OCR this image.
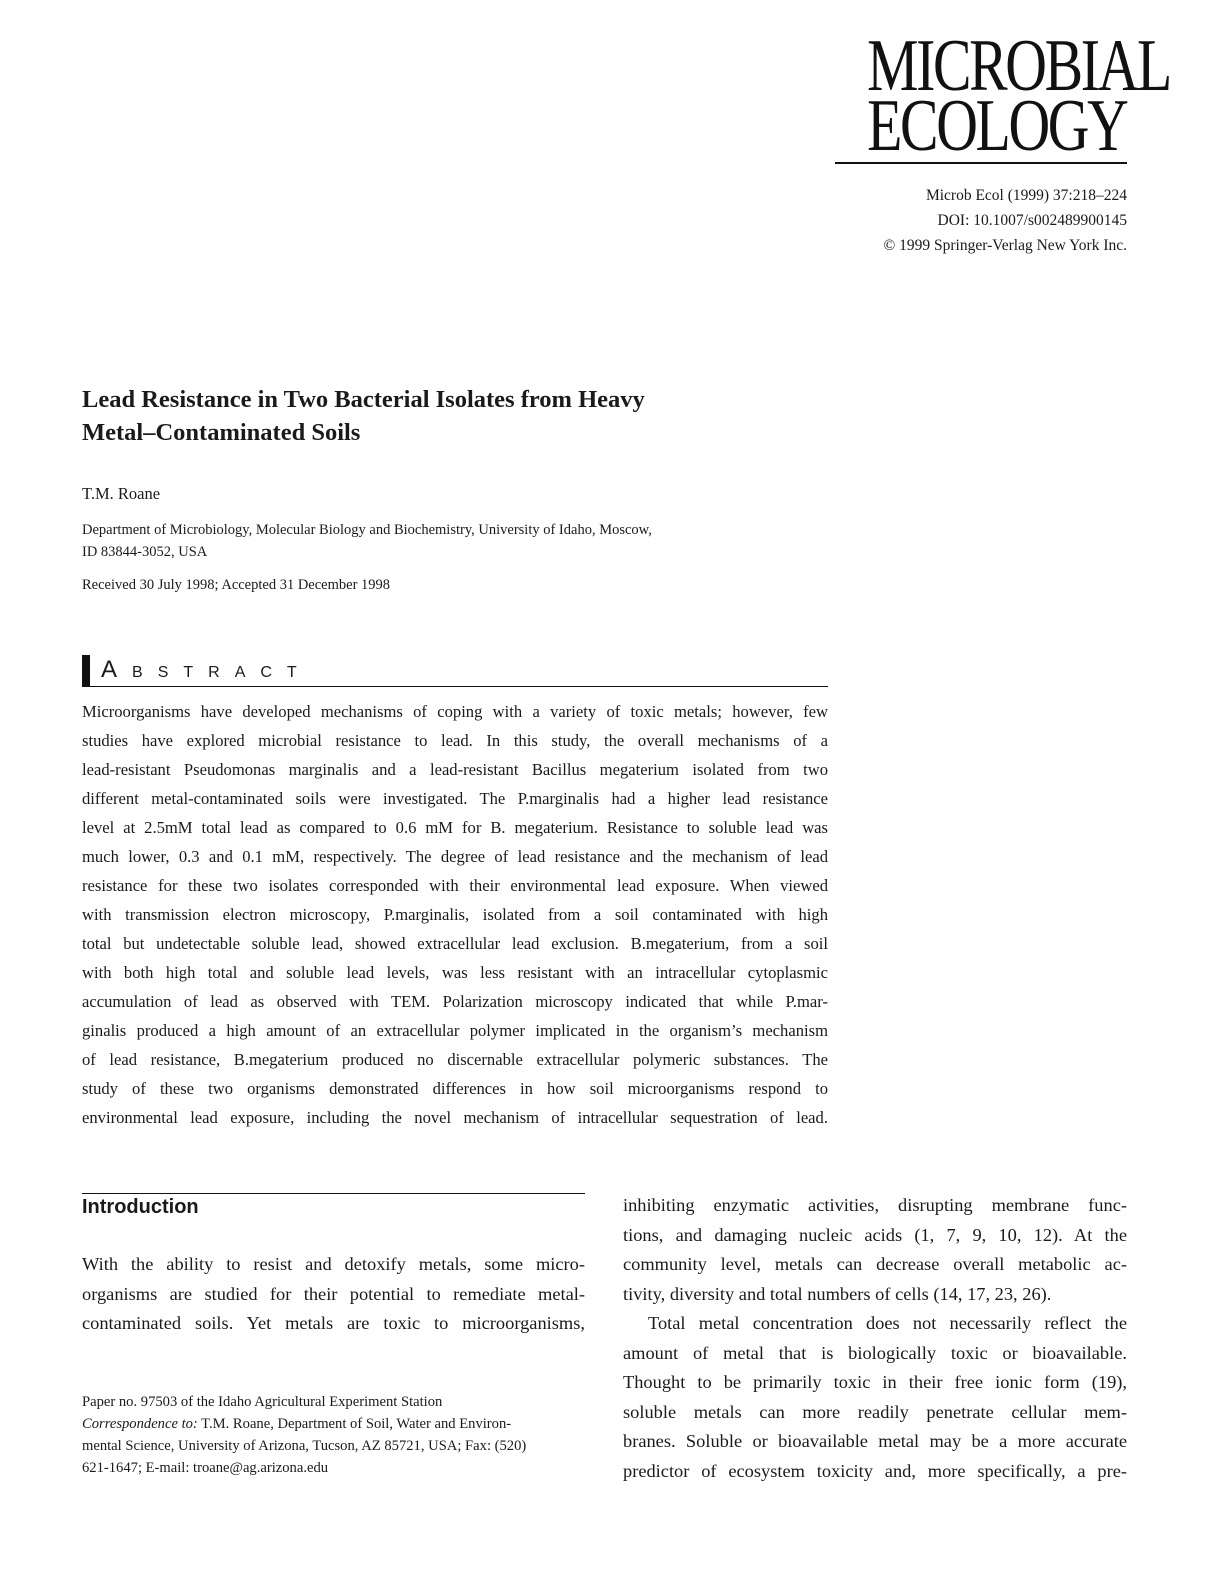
MICROBIAL
ECOLOGY
Microb Ecol (1999) 37:218–224
DOI: 10.1007/s002489900145
© 1999 Springer-Verlag New York Inc.
Lead Resistance in Two Bacterial Isolates from Heavy
Metal–Contaminated Soils
T.M. Roane
Department of Microbiology, Molecular Biology and Biochemistry, University of Idaho, Moscow,
ID 83844-3052, USA
Received 30 July 1998; Accepted 31 December 1998
ABSTRACT
Microorganisms have developed mechanisms of coping with a variety of toxic metals; however, few
studies have explored microbial resistance to lead. In this study, the overall mechanisms of a
lead-resistant Pseudomonas marginalis and a lead-resistant Bacillus megaterium isolated from two
different metal-contaminated soils were investigated. The P.marginalis had a higher lead resistance
level at 2.5mM total lead as compared to 0.6 mM for B. megaterium. Resistance to soluble lead was
much lower, 0.3 and 0.1 mM, respectively. The degree of lead resistance and the mechanism of lead
resistance for these two isolates corresponded with their environmental lead exposure. When viewed
with transmission electron microscopy, P.marginalis, isolated from a soil contaminated with high
total but undetectable soluble lead, showed extracellular lead exclusion. B.megaterium, from a soil
with both high total and soluble lead levels, was less resistant with an intracellular cytoplasmic
accumulation of lead as observed with TEM. Polarization microscopy indicated that while P.mar-
ginalis produced a high amount of an extracellular polymer implicated in the organism’s mechanism
of lead resistance, B.megaterium produced no discernable extracellular polymeric substances. The
study of these two organisms demonstrated differences in how soil microorganisms respond to
environmental lead exposure, including the novel mechanism of intracellular sequestration of lead.
Introduction
With the ability to resist and detoxify metals, some micro-
organisms are studied for their potential to remediate metal-
contaminated soils. Yet metals are toxic to microorganisms,
Paper no. 97503 of the Idaho Agricultural Experiment Station
Correspondence to: T.M. Roane, Department of Soil, Water and Environ-
mental Science, University of Arizona, Tucson, AZ 85721, USA; Fax: (520)
621-1647; E-mail: troane@ag.arizona.edu
inhibiting enzymatic activities, disrupting membrane func-
tions, and damaging nucleic acids (1, 7, 9, 10, 12). At the
community level, metals can decrease overall metabolic ac-
tivity, diversity and total numbers of cells (14, 17, 23, 26).
Total metal concentration does not necessarily reflect the
amount of metal that is biologically toxic or bioavailable.
Thought to be primarily toxic in their free ionic form (19),
soluble metals can more readily penetrate cellular mem-
branes. Soluble or bioavailable metal may be a more accurate
predictor of ecosystem toxicity and, more specifically, a pre-
